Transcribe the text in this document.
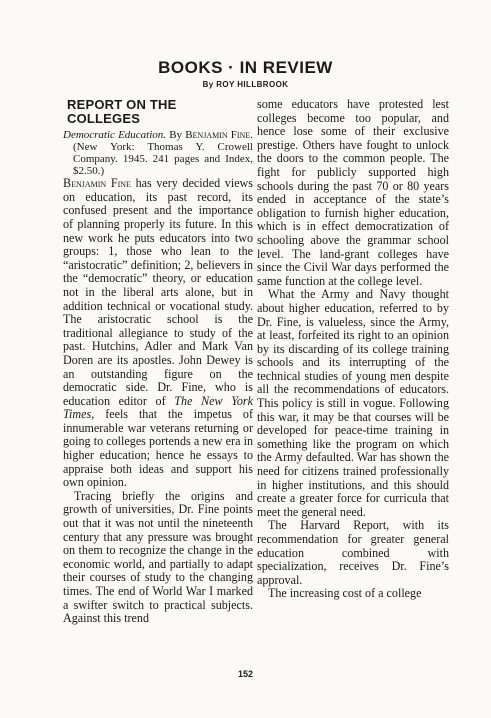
BOOKS · IN REVIEW
By ROY HILLBROOK
REPORT ON THE COLLEGES

Democratic Education. By Benjamin Fine. (New York: Thomas Y. Crowell Company. 1945. 241 pages and Index, $2.50.)

Benjamin Fine has very decided views on education, its past record, its confused present and the importance of planning properly its future. In this new work he puts educators into two groups: 1, those who lean to the “aristocratic” definition; 2, believers in the “democratic” theory, or education not in the liberal arts alone, but in addition technical or vocational study. The aristocratic school is the traditional allegiance to study of the past. Hutchins, Adler and Mark Van Doren are its apostles. John Dewey is an outstanding figure on the democratic side. Dr. Fine, who is education editor of The New York Times, feels that the impetus of innumerable war veterans returning or going to colleges portends a new era in higher education; hence he essays to appraise both ideas and support his own opinion.

Tracing briefly the origins and growth of universities, Dr. Fine points out that it was not until the nineteenth century that any pressure was brought on them to recognize the change in the economic world, and partially to adapt their courses of study to the changing times. The end of World War I marked a swifter switch to practical subjects. Against this trend

some educators have protested lest colleges become too popular, and hence lose some of their exclusive prestige. Others have fought to unlock the doors to the common people. The fight for publicly supported high schools during the past 70 or 80 years ended in acceptance of the state’s obligation to furnish higher education, which is in effect democratization of schooling above the grammar school level. The land-grant colleges have since the Civil War days performed the same function at the college level.

What the Army and Navy thought about higher education, referred to by Dr. Fine, is valueless, since the Army, at least, forfeited its right to an opinion by its discarding of its college training schools and its interrupting of the technical studies of young men despite all the recommendations of educators. This policy is still in vogue. Following this war, it may be that courses will be developed for peace-time training in something like the program on which the Army defaulted. War has shown the need for citizens trained professionally in higher institutions, and this should create a greater force for curricula that meet the general need.

The Harvard Report, with its recommendation for greater general education combined with specialization, receives Dr. Fine’s approval.

The increasing cost of a college

152
